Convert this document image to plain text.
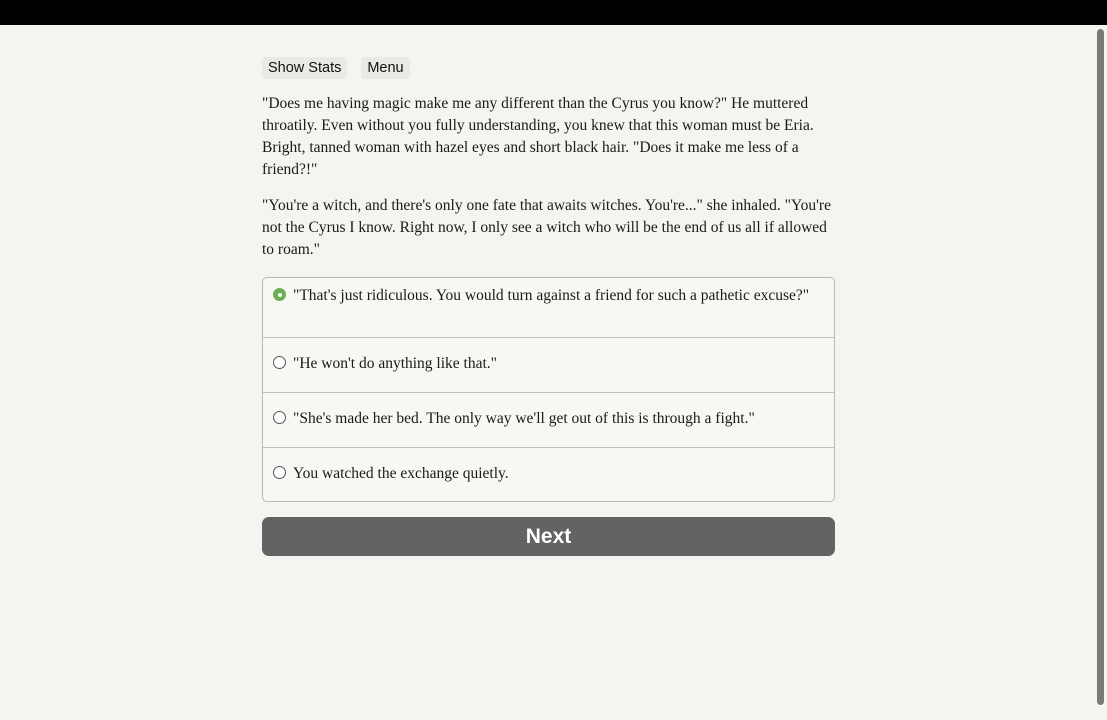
Show Stats	Menu

"Does me having magic make me any different than the Cyrus you know?" He muttered throatily. Even without you fully understanding, you knew that this woman must be Eria. Bright, tanned woman with hazel eyes and short black hair. "Does it make me less of a friend?!"

"You're a witch, and there's only one fate that awaits witches. You're..." she inhaled. "You're not the Cyrus I know. Right now, I only see a witch who will be the end of us all if allowed to roam."

"That's just ridiculous. You would turn against a friend for such a pathetic excuse?"
"He won't do anything like that."
"She's made her bed. The only way we'll get out of this is through a fight."
You watched the exchange quietly.
Next
